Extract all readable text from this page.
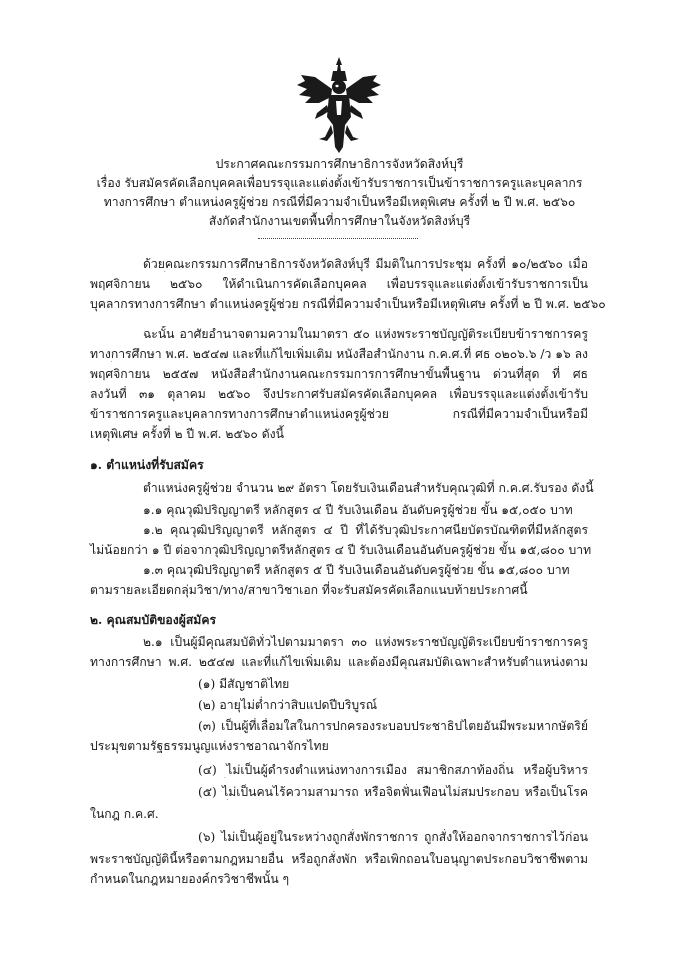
ประกาศคณะกรรมการศึกษาธิการจังหวัดสิงห์บุรี
เรื่อง รับสมัครคัดเลือกบุคคลเพื่อบรรจุและแต่งตั้งเข้ารับราชการเป็นข้าราชการครูและบุคลากร
ทางการศึกษา ตำแหน่งครูผู้ช่วย กรณีที่มีความจำเป็นหรือมีเหตุพิเศษ ครั้งที่ ๒ ปี พ.ศ. ๒๕๖๐
สังกัดสำนักงานเขตพื้นที่การศึกษาในจังหวัดสิงห์บุรี
ด้วยคณะกรรมการศึกษาธิการจังหวัดสิงห์บุรี มีมติในการประชุม ครั้งที่ ๑๐/๒๕๖๐ เมื่อ
พฤศจิกายน ๒๕๖๐ ให้ดำเนินการคัดเลือกบุคคล เพื่อบรรจุและแต่งตั้งเข้ารับราชการเป็น
บุคลากรทางการศึกษา ตำแหน่งครูผู้ช่วย กรณีที่มีความจำเป็นหรือมีเหตุพิเศษ ครั้งที่ ๒ ปี พ.ศ. ๒๕๖๐
ฉะนั้น อาศัยอำนาจตามความในมาตรา ๕๐ แห่งพระราชบัญญัติระเบียบข้าราชการครู
ทางการศึกษา พ.ศ. ๒๕๔๗ และที่แก้ไขเพิ่มเติม หนังสือสำนักงาน ก.ค.ศ.ที่ ศธ ๐๒๐๖.๖ /ว ๑๖ ลง
พฤศจิกายน ๒๕๕๗ หนังสือสำนักงานคณะกรรมการการศึกษาขั้นพื้นฐาน ด่วนที่สุด ที่ ศธ
ลงวันที่ ๓๑ ตุลาคม ๒๕๖๐ จึงประกาศรับสมัครคัดเลือกบุคคล เพื่อบรรจุและแต่งตั้งเข้ารับ
ข้าราชการครูและบุคลากรทางการศึกษาตำแหน่งครูผู้ช่วย กรณีที่มีความจำเป็นหรือมี
เหตุพิเศษ ครั้งที่ ๒ ปี พ.ศ. ๒๕๖๐ ดังนี้
๑. ตำแหน่งที่รับสมัคร
ตำแหน่งครูผู้ช่วย จำนวน ๒๙ อัตรา โดยรับเงินเดือนสำหรับคุณวุฒิที่ ก.ค.ศ.รับรอง ดังนี้
๑.๑ คุณวุฒิปริญญาตรี หลักสูตร ๔ ปี รับเงินเดือน อันดับครูผู้ช่วย ขั้น ๑๕,๐๕๐ บาท
๑.๒ คุณวุฒิปริญญาตรี หลักสูตร ๔ ปี ที่ได้รับวุฒิประกาศนียบัตรบัณฑิตที่มีหลักสูตร
ไม่น้อยกว่า ๑ ปี ต่อจากวุฒิปริญญาตรีหลักสูตร ๔ ปี รับเงินเดือนอันดับครูผู้ช่วย ขั้น ๑๕,๘๐๐ บาท
๑.๓ คุณวุฒิปริญญาตรี หลักสูตร ๕ ปี รับเงินเดือนอันดับครูผู้ช่วย ขั้น ๑๕,๘๐๐ บาท
ตามรายละเอียดกลุ่มวิชา/ทาง/สาขาวิชาเอก ที่จะรับสมัครคัดเลือกแนบท้ายประกาศนี้
๒. คุณสมบัติของผู้สมัคร
๒.๑ เป็นผู้มีคุณสมบัติทั่วไปตามมาตรา ๓๐ แห่งพระราชบัญญัติระเบียบข้าราชการครู
ทางการศึกษา พ.ศ. ๒๕๔๗ และที่แก้ไขเพิ่มเติม และต้องมีคุณสมบัติเฉพาะสำหรับตำแหน่งตาม
(๑) มีสัญชาติไทย
(๒) อายุไม่ต่ำกว่าสิบแปดปีบริบูรณ์
(๓) เป็นผู้ที่เลื่อมใสในการปกครองระบอบประชาธิปไตยอันมีพระมหากษัตริย์
ประมุขตามรัฐธรรมนูญแห่งราชอาณาจักรไทย
(๔) ไม่เป็นผู้ดำรงตำแหน่งทางการเมือง สมาชิกสภาท้องถิ่น หรือผู้บริหาร
(๕) ไม่เป็นคนไร้ความสามารถ หรือจิตฟั่นเฟือนไม่สมประกอบ หรือเป็นโรค
ในกฎ ก.ค.ศ.
(๖) ไม่เป็นผู้อยู่ในระหว่างถูกสั่งพักราชการ ถูกสั่งให้ออกจากราชการไว้ก่อน
พระราชบัญญัตินี้หรือตามกฎหมายอื่น หรือถูกสั่งพัก หรือเพิกถอนใบอนุญาตประกอบวิชาชีพตาม
กำหนดในกฎหมายองค์กรวิชาชีพนั้น ๆ
